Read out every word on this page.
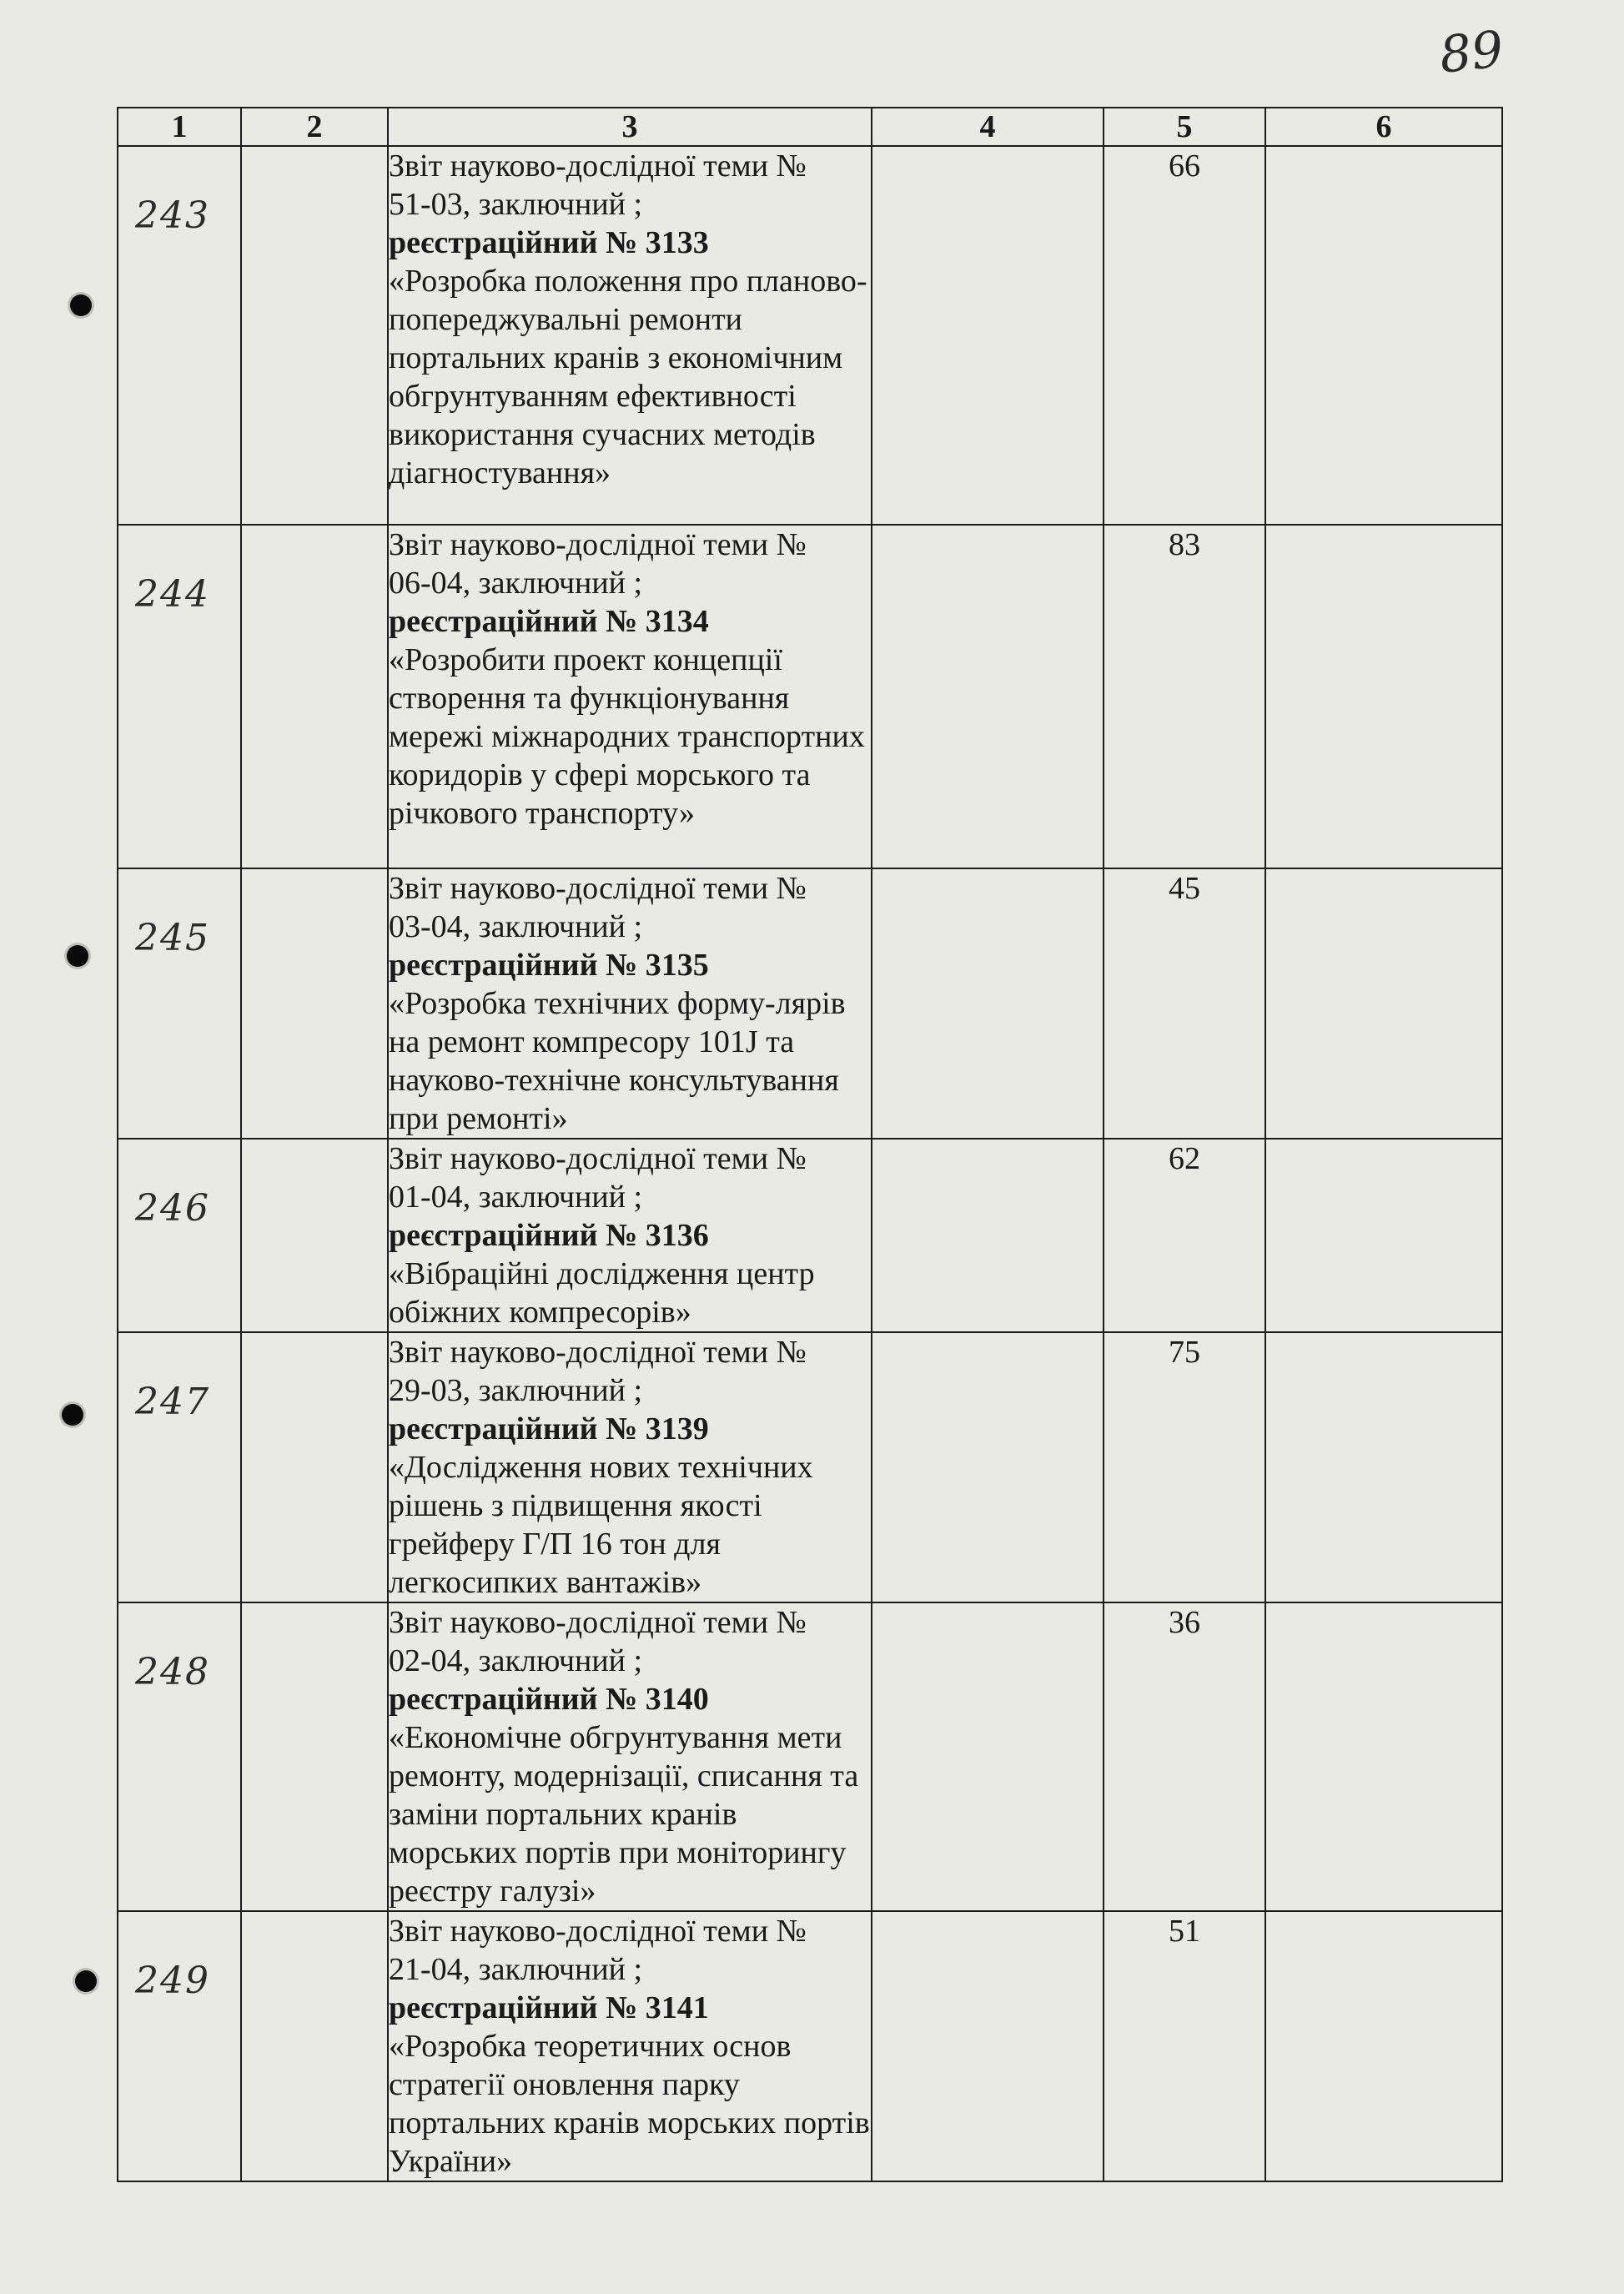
89
1	2	3	4	5	6

243		Звіт науково-дослідної теми №
51-03, заключний ;
реєстраційний № 3133
«Розробка положення про планово-попереджувальні ремонти портальних кранів з економічним обгрунтуванням ефективності використання сучасних методів діагностування»		66	

244		Звіт науково-дослідної теми №
06-04, заключний ;
реєстраційний № 3134
«Розробити проект концепції створення та функціонування мережі міжнародних транспортних коридорів у сфері морського та річкового транспорту»		83	

245		Звіт науково-дослідної теми №
03-04, заключний ;
реєстраційний № 3135
«Розробка технічних форму-лярів на ремонт компресору 101J та науково-технічне консультування при ремонті»		45	

246		Звіт науково-дослідної теми №
01-04, заключний ;
реєстраційний № 3136
«Вібраційні дослідження центр обіжних компресорів»		62	

247		Звіт науково-дослідної теми №
29-03, заключний ;
реєстраційний № 3139
«Дослідження нових технічних рішень з підвищення якості грейферу Г/П 16 тон для легкосипких вантажів»		75	

248		Звіт науково-дослідної теми №
02-04, заключний ;
реєстраційний № 3140
«Економічне обгрунтування мети ремонту, модернізації, списання та заміни портальних кранів морських портів при моніторингу реєстру галузі»		36	

249		Звіт науково-дослідної теми №
21-04, заключний ;
реєстраційний № 3141
«Розробка теоретичних основ стратегії оновлення парку портальних кранів морських портів України»		51	
